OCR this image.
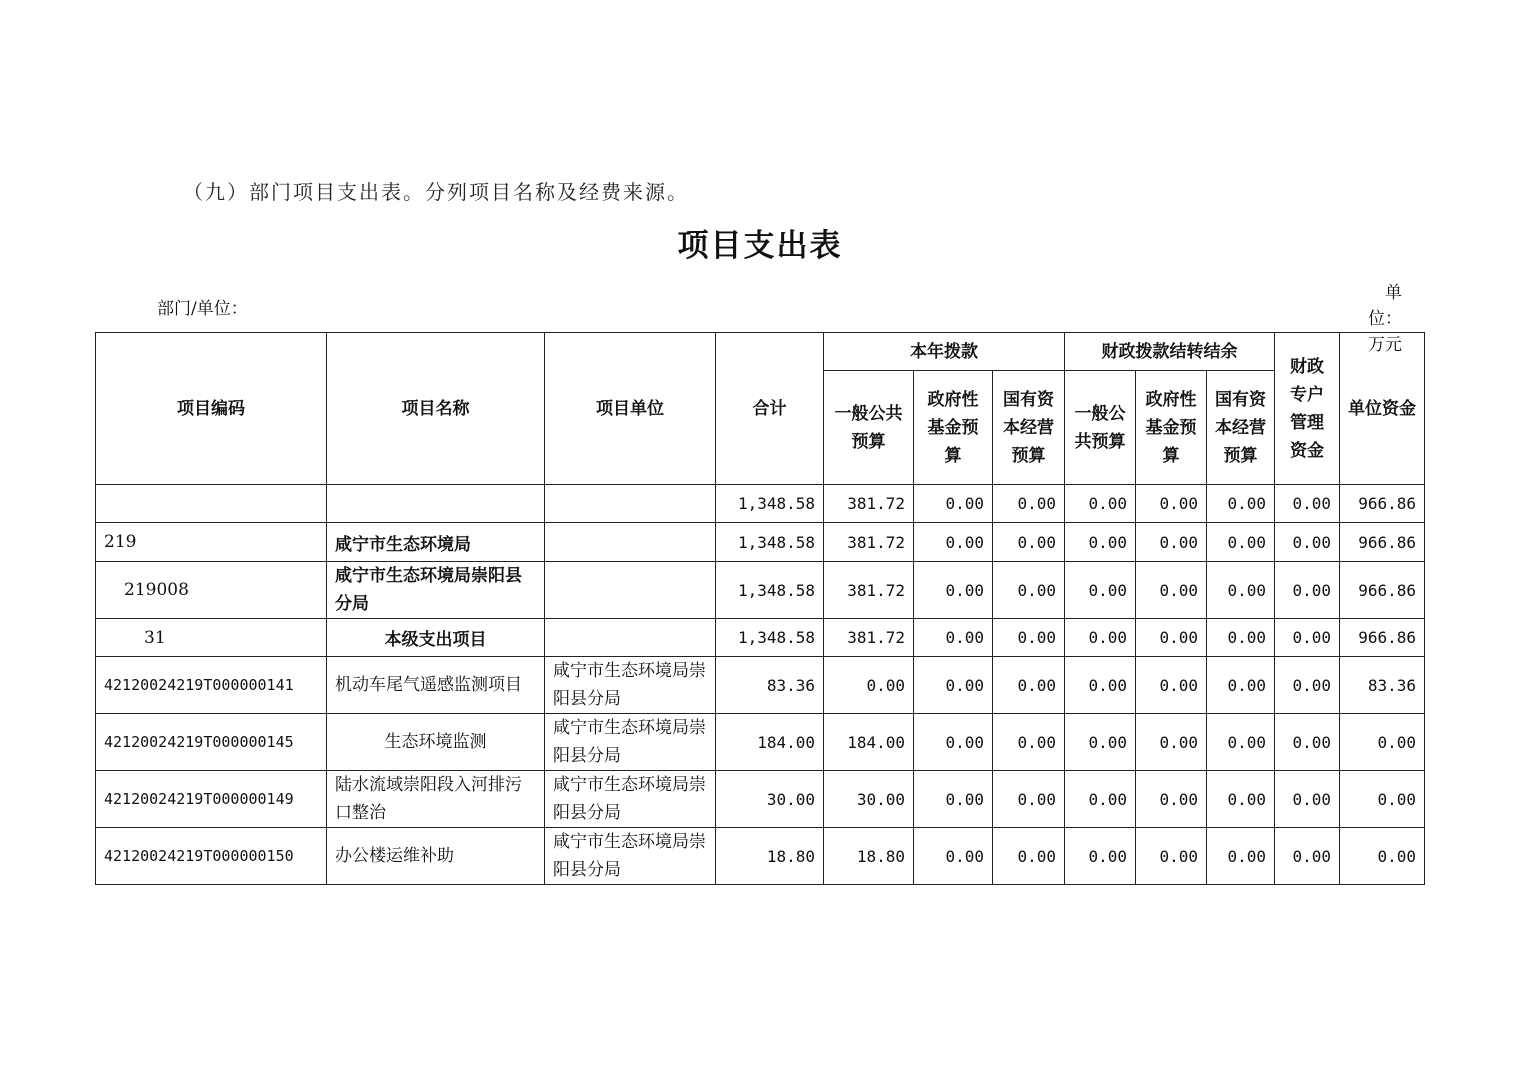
（九）部门项目支出表。分列项目名称及经费来源。
项目支出表
部门/单位：
单位：
万元
项目编码	项目名称	项目单位	合计	本年拨款			财政拨款结转结余			财政专户管理资金	单位资金
				一般公共预算	政府性基金预算	国有资本经营预算	一般公共预算	政府性基金预算	国有资本经营预算		
			1,348.58	381.72	0.00	0.00	0.00	0.00	0.00	0.00	966.86
219	咸宁市生态环境局		1,348.58	381.72	0.00	0.00	0.00	0.00	0.00	0.00	966.86
219008	咸宁市生态环境局崇阳县分局		1,348.58	381.72	0.00	0.00	0.00	0.00	0.00	0.00	966.86
31	本级支出项目		1,348.58	381.72	0.00	0.00	0.00	0.00	0.00	0.00	966.86
42120024219T000000141	机动车尾气遥感监测项目	咸宁市生态环境局崇阳县分局	83.36	0.00	0.00	0.00	0.00	0.00	0.00	0.00	83.36
42120024219T000000145	生态环境监测	咸宁市生态环境局崇阳县分局	184.00	184.00	0.00	0.00	0.00	0.00	0.00	0.00	0.00
42120024219T000000149	陆水流域崇阳段入河排污口整治	咸宁市生态环境局崇阳县分局	30.00	30.00	0.00	0.00	0.00	0.00	0.00	0.00	0.00
42120024219T000000150	办公楼运维补助	咸宁市生态环境局崇阳县分局	18.80	18.80	0.00	0.00	0.00	0.00	0.00	0.00	0.00
